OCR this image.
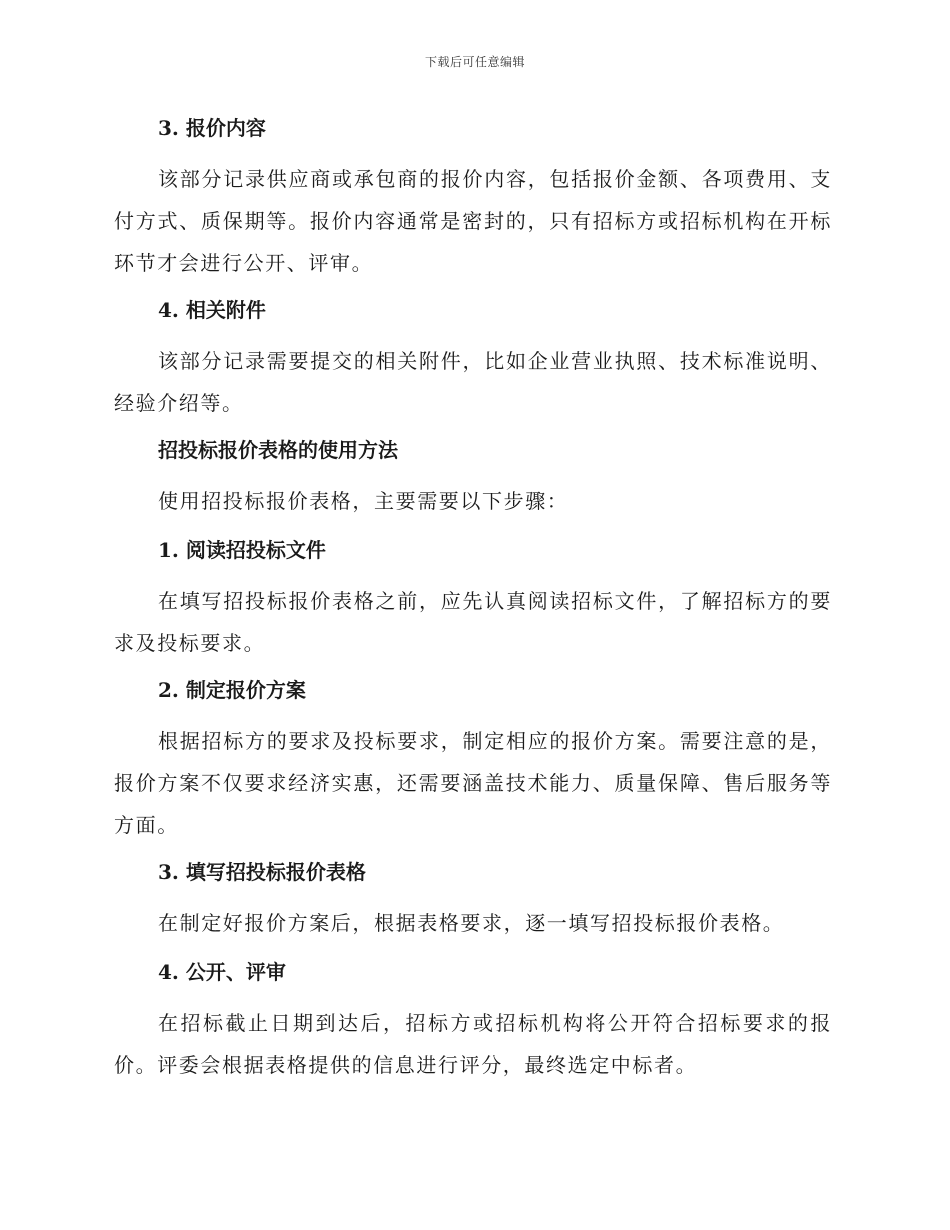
下载后可任意编辑
3. 报价内容

该部分记录供应商或承包商的报价内容，包括报价金额、各项费用、支付方式、质保期等。报价内容通常是密封的，只有招标方或招标机构在开标环节才会进行公开、评审。

4. 相关附件

该部分记录需要提交的相关附件，比如企业营业执照、技术标准说明、经验介绍等。

招投标报价表格的使用方法

使用招投标报价表格，主要需要以下步骤：

1. 阅读招投标文件

在填写招投标报价表格之前，应先认真阅读招标文件，了解招标方的要求及投标要求。

2. 制定报价方案

根据招标方的要求及投标要求，制定相应的报价方案。需要注意的是，报价方案不仅要求经济实惠，还需要涵盖技术能力、质量保障、售后服务等方面。

3. 填写招投标报价表格

在制定好报价方案后，根据表格要求，逐一填写招投标报价表格。

4. 公开、评审

在招标截止日期到达后，招标方或招标机构将公开符合招标要求的报价。评委会根据表格提供的信息进行评分，最终选定中标者。
